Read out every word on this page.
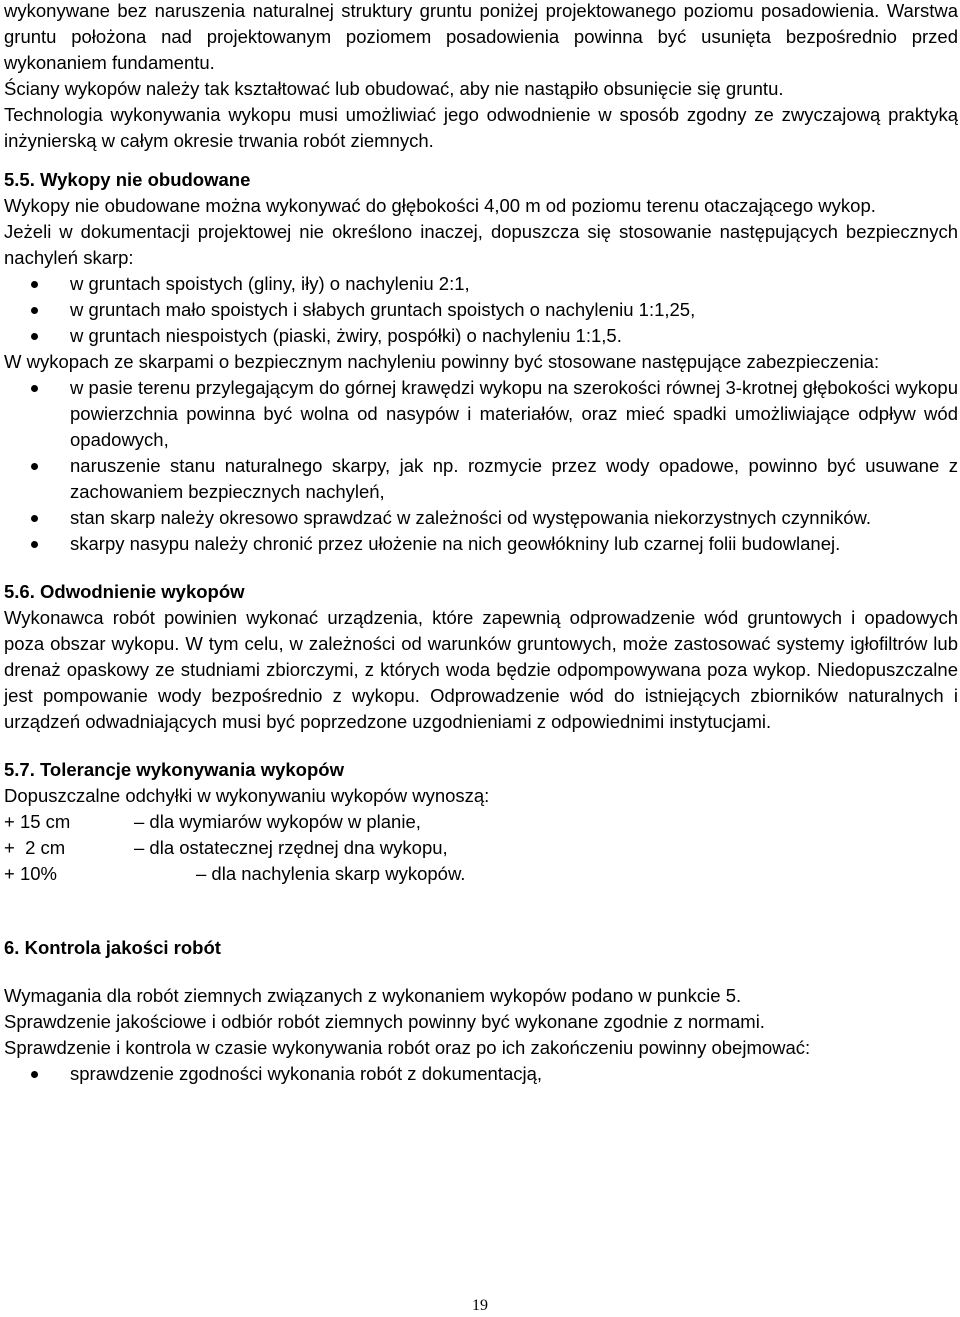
wykonywane bez naruszenia naturalnej struktury gruntu poniżej projektowanego poziomu posadowienia. Warstwa gruntu położona nad projektowanym poziomem posadowienia powinna być usunięta bezpośrednio przed wykonaniem fundamentu.

Ściany wykopów należy tak kształtować lub obudować, aby nie nastąpiło obsunięcie się gruntu.

Technologia wykonywania wykopu musi umożliwiać jego odwodnienie w sposób zgodny ze zwyczajową praktyką inżynierską w całym okresie trwania robót ziemnych.

5.5. Wykopy nie obudowane

Wykopy nie obudowane można wykonywać do głębokości 4,00 m od poziomu terenu otaczającego wykop.

Jeżeli w dokumentacji projektowej nie określono inaczej, dopuszcza się stosowanie następujących bezpiecznych nachyleń skarp:

w gruntach spoistych (gliny, iły) o nachyleniu 2:1,
w gruntach mało spoistych i słabych gruntach spoistych o nachyleniu 1:1,25,
w gruntach niespoistych (piaski, żwiry, pospółki) o nachyleniu 1:1,5.

W wykopach ze skarpami o bezpiecznym nachyleniu powinny być stosowane następujące zabezpieczenia:

w pasie terenu przylegającym do górnej krawędzi wykopu na szerokości równej 3-krotnej głębokości wykopu powierzchnia powinna być wolna od nasypów i materiałów, oraz mieć spadki umożliwiające odpływ wód opadowych,
naruszenie stanu naturalnego skarpy, jak np. rozmycie przez wody opadowe, powinno być usuwane z zachowaniem bezpiecznych nachyleń,
stan skarp należy okresowo sprawdzać w zależności od występowania niekorzystnych czynników.
skarpy nasypu należy chronić przez ułożenie na nich geowłókniny lub czarnej folii budowlanej.
5.6. Odwodnienie wykopów

Wykonawca robót powinien wykonać urządzenia, które zapewnią odprowadzenie wód gruntowych i opadowych poza obszar wykopu. W tym celu, w zależności od warunków gruntowych, może zastosować systemy igłofiltrów lub drenaż opaskowy ze studniami zbiorczymi, z których woda będzie odpompowywana poza wykop. Niedopuszczalne jest pompowanie wody bezpośrednio z wykopu. Odprowadzenie wód do istniejących zbiorników naturalnych i urządzeń odwadniających musi być poprzedzone uzgodnieniami z odpowiednimi instytucjami.

5.7. Tolerancje wykonywania wykopów

Dopuszczalne odchyłki w wykonywaniu wykopów wynoszą:

+ 15 cm	– dla wymiarów wykopów w planie,
+  2 cm	– dla ostatecznej rzędnej dna wykopu,
+ 10%	– dla nachylenia skarp wykopów.
6. Kontrola jakości robót

Wymagania dla robót ziemnych związanych z wykonaniem wykopów podano w punkcie 5.

Sprawdzenie jakościowe i odbiór robót ziemnych powinny być wykonane zgodnie z normami.

Sprawdzenie i kontrola w czasie wykonywania robót oraz po ich zakończeniu powinny obejmować:

sprawdzenie zgodności wykonania robót z dokumentacją,
19
